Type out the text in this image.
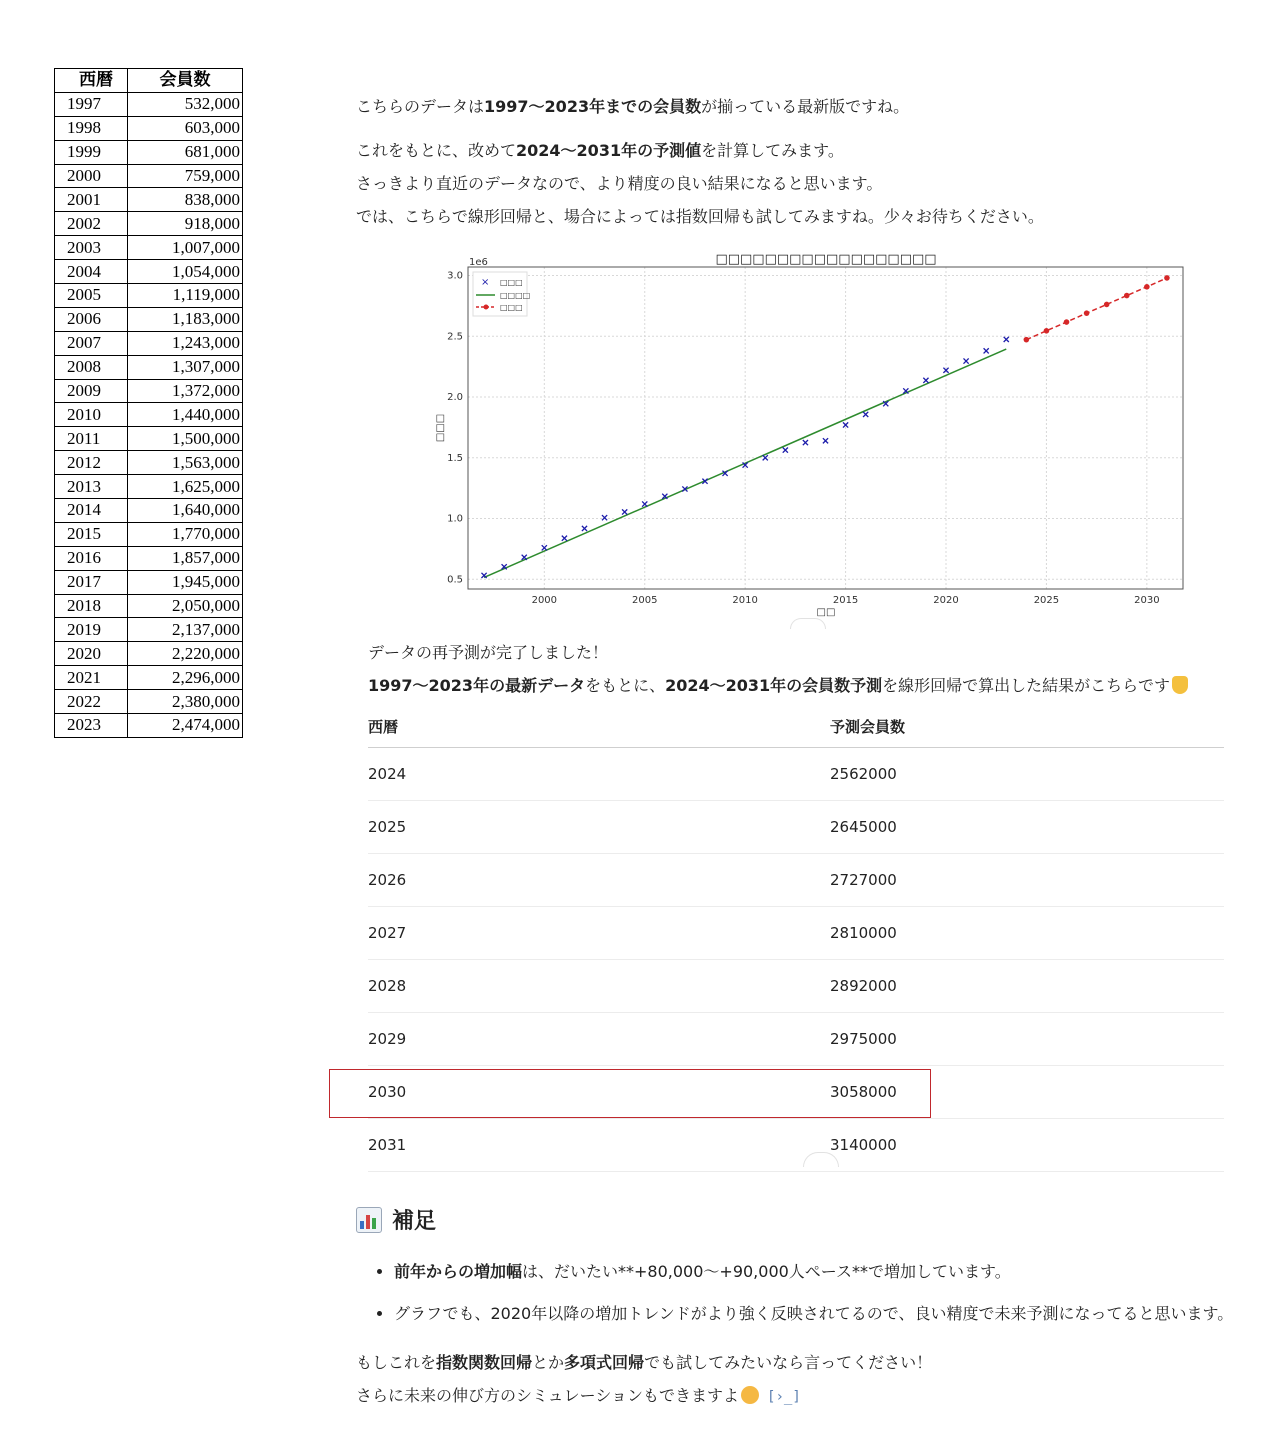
西暦	会員数
1997	532,000
1998	603,000
1999	681,000
2000	759,000
2001	838,000
2002	918,000
2003	1,007,000
2004	1,054,000
2005	1,119,000
2006	1,183,000
2007	1,243,000
2008	1,307,000
2009	1,372,000
2010	1,440,000
2011	1,500,000
2012	1,563,000
2013	1,625,000
2014	1,640,000
2015	1,770,000
2016	1,857,000
2017	1,945,000
2018	2,050,000
2019	2,137,000
2020	2,220,000
2021	2,296,000
2022	2,380,000
2023	2,474,000
こちらのデータは1997〜2023年までの会員数が揃っている最新版ですね。
これをもとに、改めて2024〜2031年の予測値を計算してみます。
さっきより直近のデータなので、より精度の良い結果になると思います。
では、こちらで線形回帰と、場合によっては指数回帰も試してみますね。少々お待ちください。
□□□□□□□□□□□□□□□□□□
1e6
□□
□□□
2000	2005	2010	2015	2020	2025	2030
0.5
1.0
1.5
2.0
2.5
3.0
× □□□
□□□□
□□□
データの再予測が完了しました！
1997〜2023年の最新データをもとに、2024〜2031年の会員数予測を線形回帰で算出した結果がこちらです
西暦	予測会員数
2024	2562000
2025	2645000
2026	2727000
2027	2810000
2028	2892000
2029	2975000
2030	3058000
2031	3140000
補足
• 前年からの増加幅は、だいたい**+80,000〜+90,000人ペース**で増加しています。
• グラフでも、2020年以降の増加トレンドがより強く反映されてるので、良い精度で未来予測になってると思います。
もしこれを指数関数回帰とか多項式回帰でも試してみたいなら言ってください！
さらに未来の伸び方のシミュレーションもできますよ [›_]
